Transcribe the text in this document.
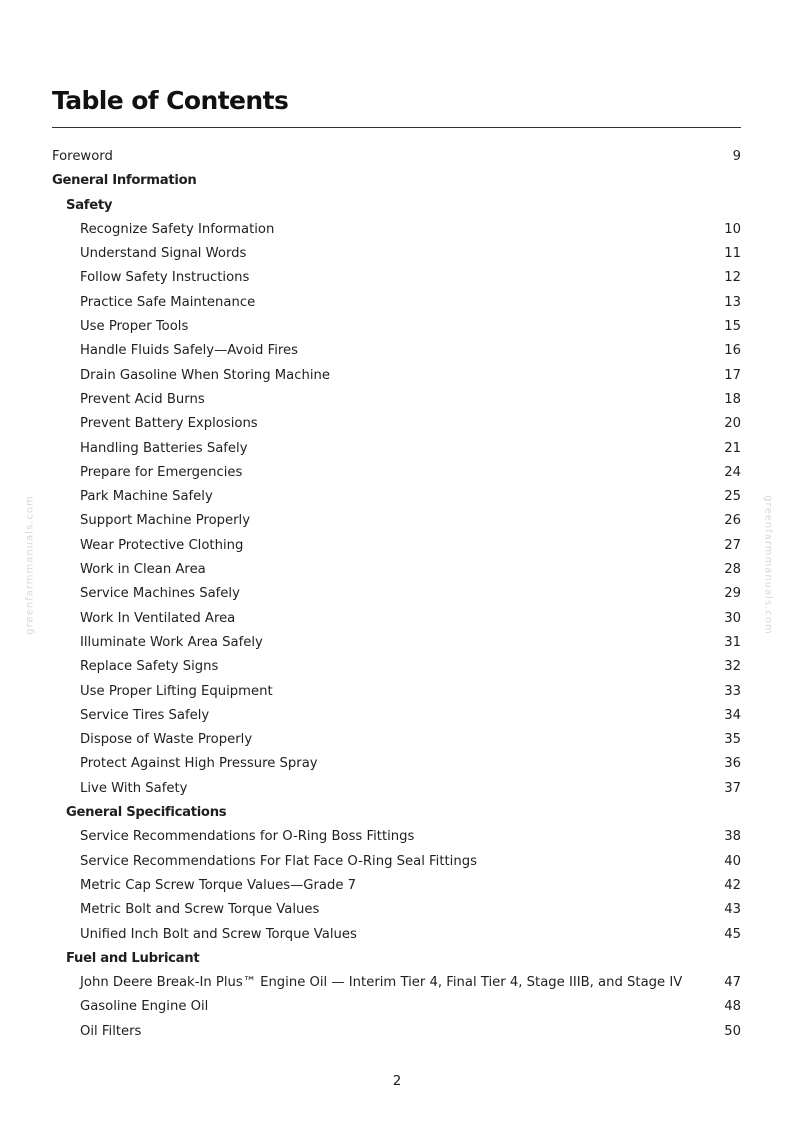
Table of Contents
Foreword	9
General Information
Safety
Recognize Safety Information	10
Understand Signal Words	11
Follow Safety Instructions	12
Practice Safe Maintenance	13
Use Proper Tools	15
Handle Fluids Safely—Avoid Fires	16
Drain Gasoline When Storing Machine	17
Prevent Acid Burns	18
Prevent Battery Explosions	20
Handling Batteries Safely	21
Prepare for Emergencies	24
Park Machine Safely	25
Support Machine Properly	26
Wear Protective Clothing	27
Work in Clean Area	28
Service Machines Safely	29
Work In Ventilated Area	30
Illuminate Work Area Safely	31
Replace Safety Signs	32
Use Proper Lifting Equipment	33
Service Tires Safely	34
Dispose of Waste Properly	35
Protect Against High Pressure Spray	36
Live With Safety	37
General Specifications
Service Recommendations for O-Ring Boss Fittings	38
Service Recommendations For Flat Face O-Ring Seal Fittings	40
Metric Cap Screw Torque Values—Grade 7	42
Metric Bolt and Screw Torque Values	43
Unified Inch Bolt and Screw Torque Values	45
Fuel and Lubricant
John Deere Break-In Plus™ Engine Oil — Interim Tier 4, Final Tier 4, Stage IIIB, and Stage IV	47
Gasoline Engine Oil	48
Oil Filters	50
greenfarmmanuals.com	greenfarmmanuals.com
2
